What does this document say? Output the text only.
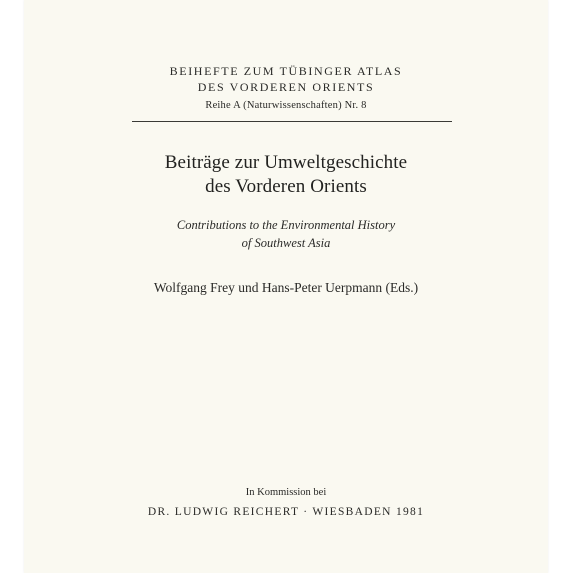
BEIHEFTE ZUM TÜBINGER ATLAS
DES VORDEREN ORIENTS
Reihe A (Naturwissenschaften) Nr. 8
Beiträge zur Umweltgeschichte
des Vorderen Orients
Contributions to the Environmental History
of Southwest Asia
Wolfgang Frey und Hans-Peter Uerpmann (Eds.)
In Kommission bei
DR. LUDWIG REICHERT · WIESBADEN 1981
